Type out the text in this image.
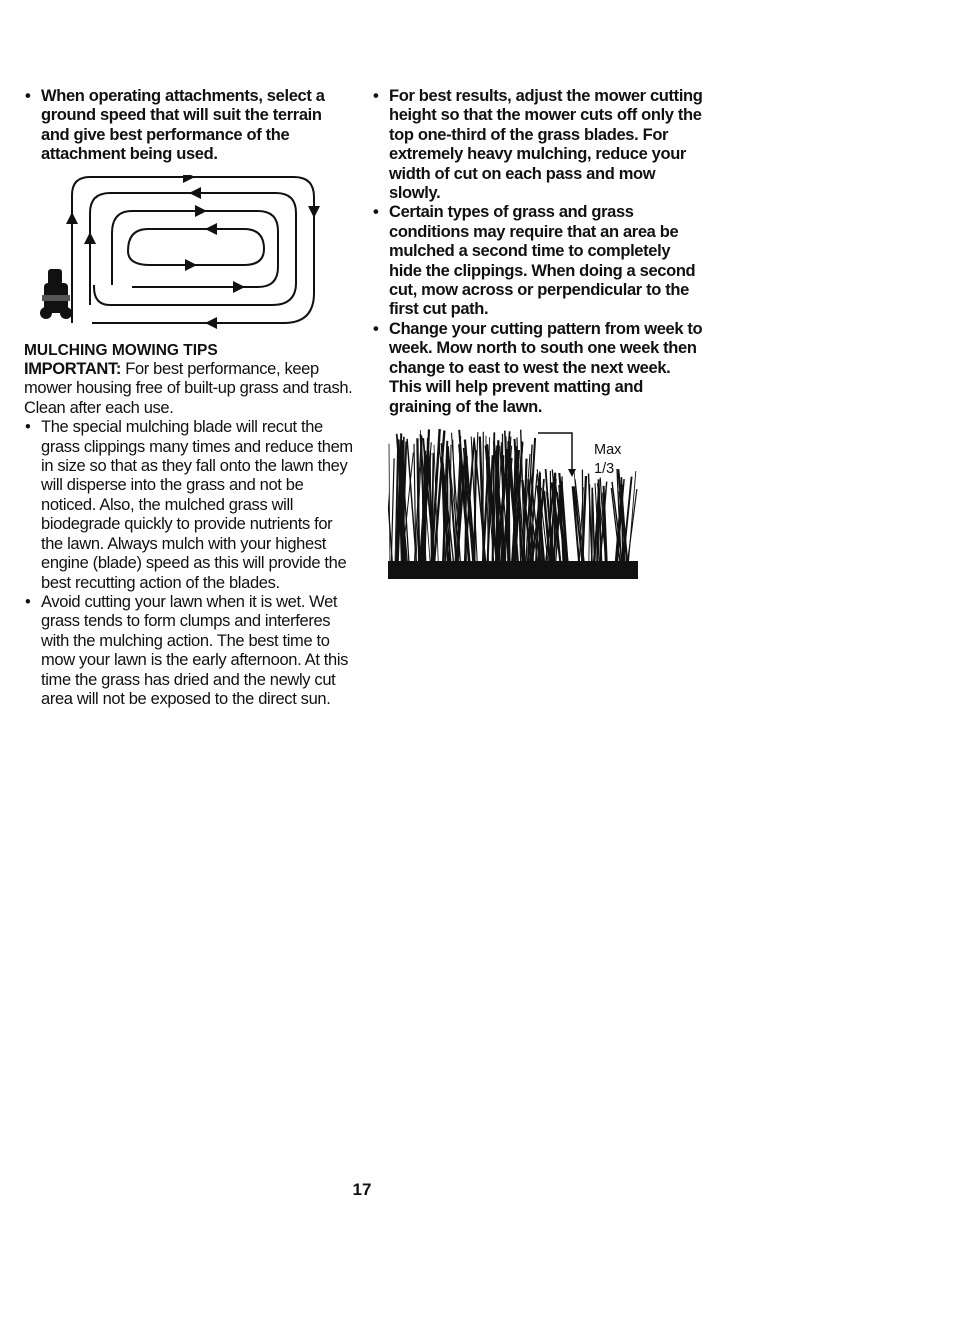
• When operating attachments, select a ground speed that will suit the terrain and give best performance of the attachment being used.
MULCHING MOWING TIPS
IMPORTANT: For best performance, keep mower housing free of built-up grass and trash. Clean after each use.
• The special mulching blade will recut the grass clippings many times and reduce them in size so that as they fall onto the lawn they will disperse into the grass and not be noticed. Also, the mulched grass will biodegrade quickly to provide nutrients for the lawn. Always mulch with your highest engine (blade) speed as this will provide the best recutting action of the blades.
• Avoid cutting your lawn when it is wet. Wet grass tends to form clumps and interferes with the mulching action. The best time to mow your lawn is the early afternoon. At this time the grass has dried and the newly cut area will not be exposed to the direct sun.
• For best results, adjust the mower cutting height so that the mower cuts off only the top one-third of the grass blades. For extremely heavy mulching, reduce your width of cut on each pass and mow slowly.
• Certain types of grass and grass conditions may require that an area be mulched a second time to completely hide the clippings. When doing a second cut, mow across or perpendicular to the first cut path.
• Change your cutting pattern from week to week. Mow north to south one week then change to east to west the next week. This will help prevent matting and graining of the lawn.
Max 1/3
17
